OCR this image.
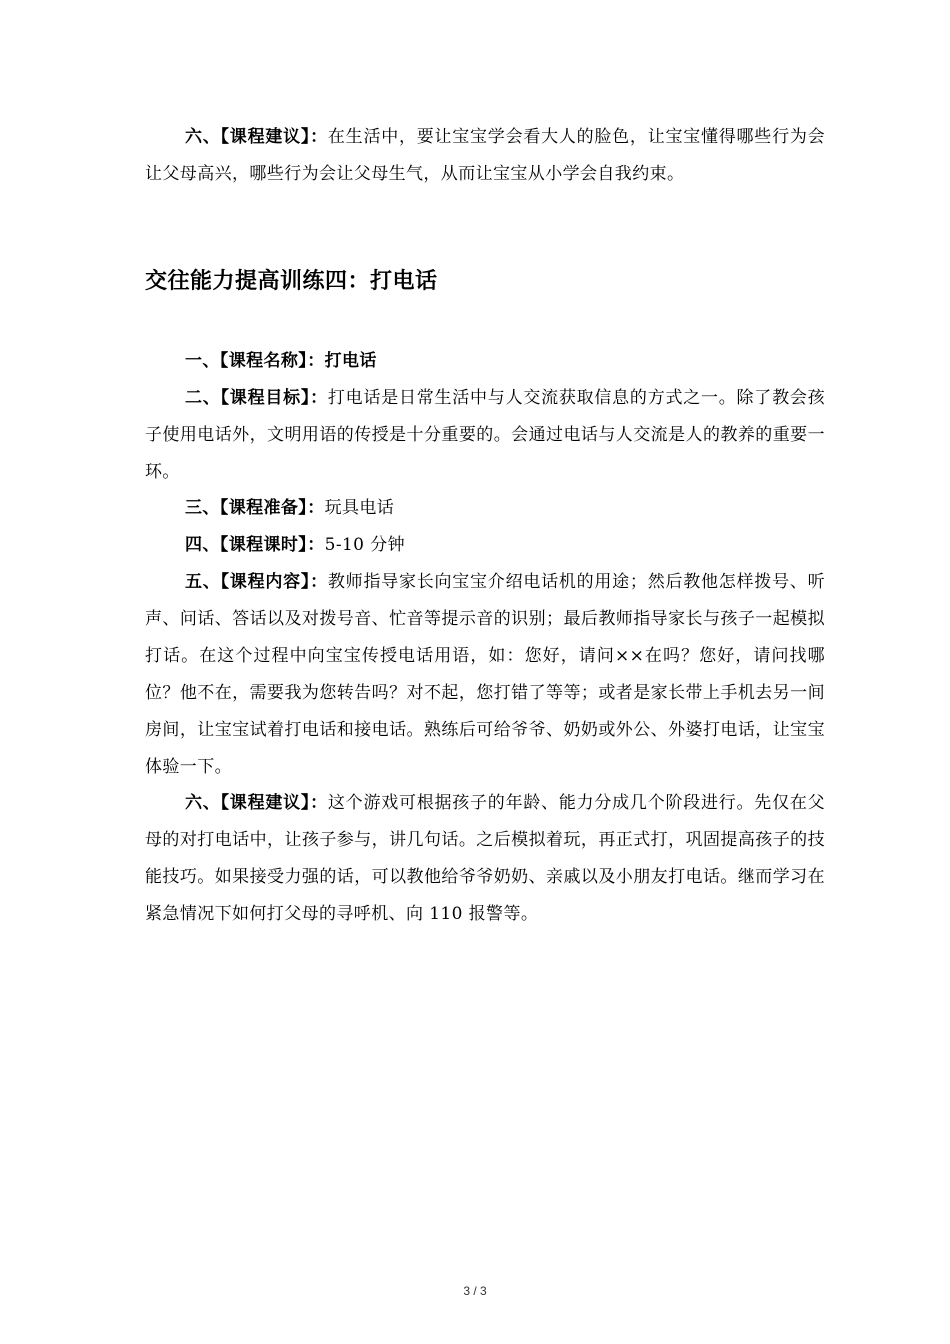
六、【课程建议】：在生活中，要让宝宝学会看大人的脸色，让宝宝懂得哪些行为会让父母高兴，哪些行为会让父母生气，从而让宝宝从小学会自我约束。

交往能力提高训练四：打电话

一、【课程名称】：打电话

二、【课程目标】：打电话是日常生活中与人交流获取信息的方式之一。除了教会孩子使用电话外，文明用语的传授是十分重要的。会通过电话与人交流是人的教养的重要一环。

三、【课程准备】：玩具电话

四、【课程课时】：5-10 分钟

五、【课程内容】：教师指导家长向宝宝介绍电话机的用途；然后教他怎样拨号、听声、问话、答话以及对拨号音、忙音等提示音的识别；最后教师指导家长与孩子一起模拟打话。在这个过程中向宝宝传授电话用语，如：您好，请问××在吗？您好，请问找哪位？他不在，需要我为您转告吗？对不起，您打错了等等；或者是家长带上手机去另一间房间，让宝宝试着打电话和接电话。熟练后可给爷爷、奶奶或外公、外婆打电话，让宝宝体验一下。

六、【课程建议】：这个游戏可根据孩子的年龄、能力分成几个阶段进行。先仅在父母的对打电话中，让孩子参与，讲几句话。之后模拟着玩，再正式打，巩固提高孩子的技能技巧。如果接受力强的话，可以教他给爷爷奶奶、亲戚以及小朋友打电话。继而学习在紧急情况下如何打父母的寻呼机、向 110 报警等。

3 / 3
